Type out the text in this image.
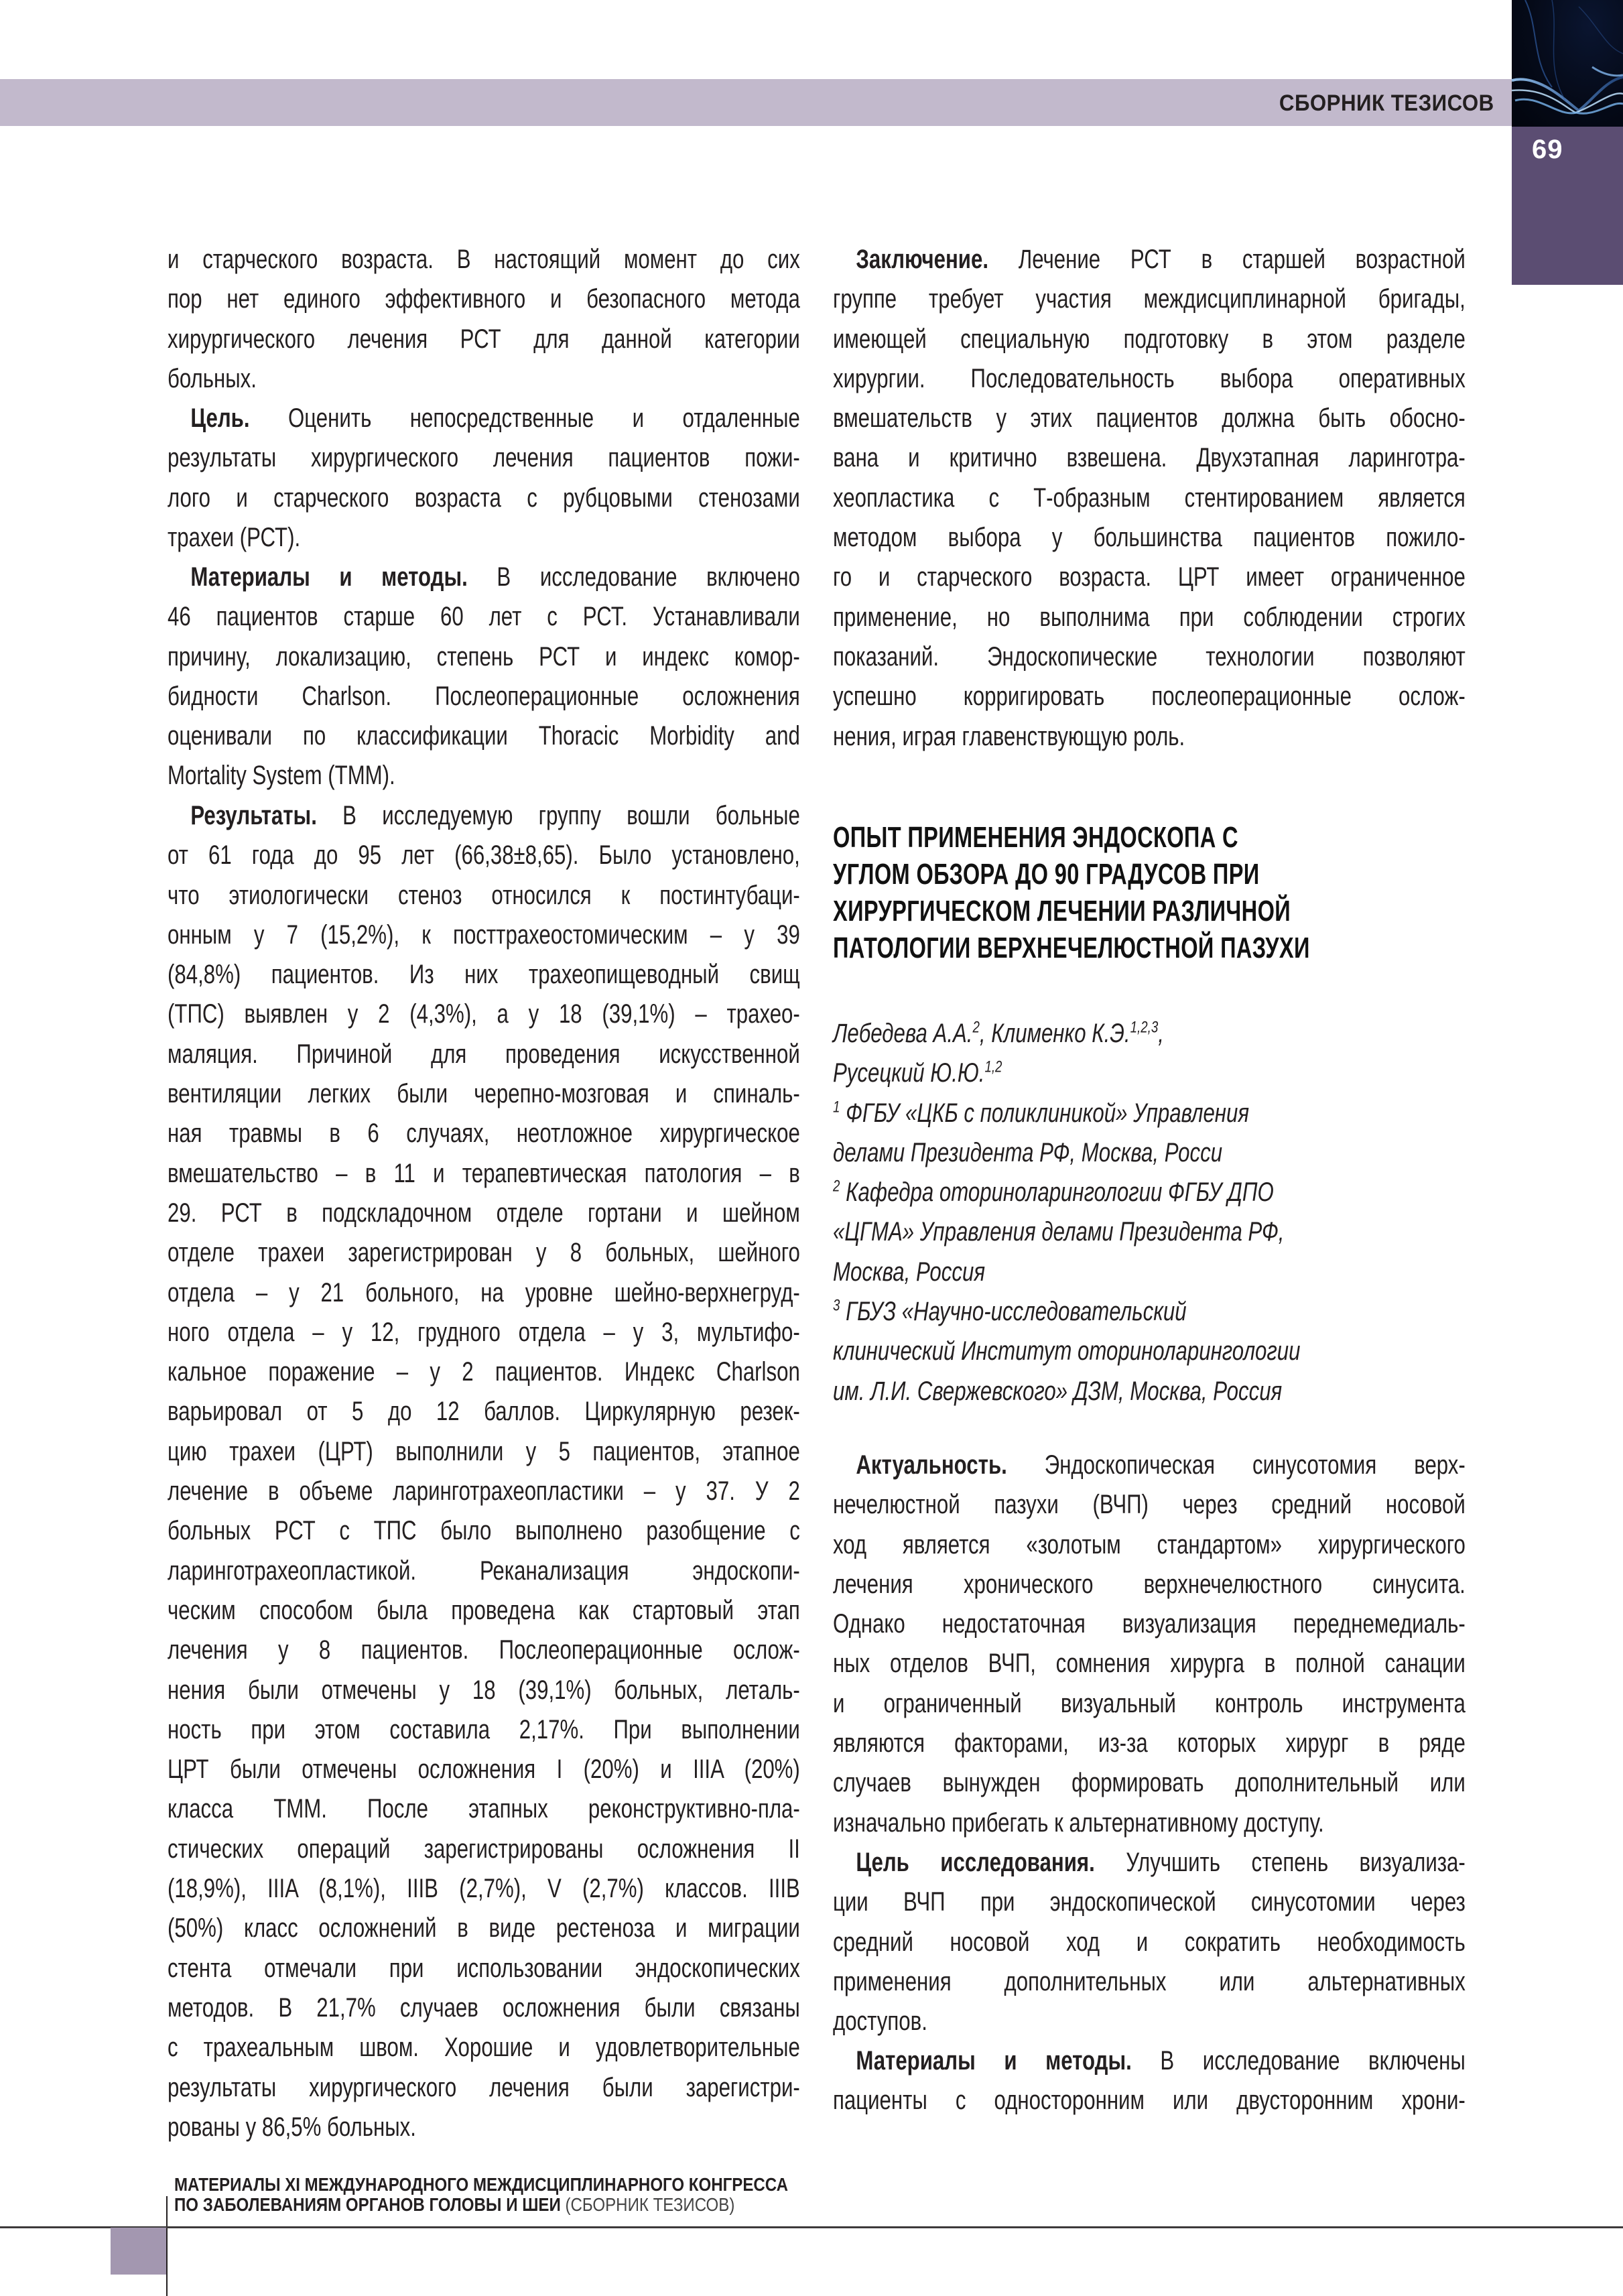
СБОРНИК ТЕЗИСОВ
69
и старческого возраста. В настоящий момент до сих
пор нет единого эффективного и безопасного метода
хирургического лечения РСТ для данной категории
больных.
Цель. Оценить непосредственные и отдаленные
результаты хирургического лечения пациентов пожи-
лого и старческого возраста с рубцовыми стенозами
трахеи (РСТ).
Материалы и методы. В исследование включено
46 пациентов старше 60 лет с РСТ. Устанавливали
причину, локализацию, степень РСТ и индекс комор-
бидности Charlson. Послеоперационные осложнения
оценивали по классификации Thoracic Morbidity and
Mortality System (TMM).
Результаты. В исследуемую группу вошли больные
от 61 года до 95 лет (66,38±8,65). Было установлено,
что этиологически стеноз относился к постинтубаци-
онным у 7 (15,2%), к посттрахеостомическим – у 39
(84,8%) пациентов. Из них трахеопищеводный свищ
(ТПС) выявлен у 2 (4,3%), а у 18 (39,1%) – трахео-
маляция. Причиной для проведения искусственной
вентиляции легких были черепно-мозговая и спиналь-
ная травмы в 6 случаях, неотложное хирургическое
вмешательство – в 11 и терапевтическая патология – в
29. РСТ в подскладочном отделе гортани и шейном
отделе трахеи зарегистрирован у 8 больных, шейного
отдела – у 21 больного, на уровне шейно-верхнегруд-
ного отдела – у 12, грудного отдела – у 3, мультифо-
кальное поражение – у 2 пациентов. Индекс Charlson
варьировал от 5 до 12 баллов. Циркулярную резек-
цию трахеи (ЦРТ) выполнили у 5 пациентов, этапное
лечение в объеме ларинготрахеопластики – у 37. У 2
больных РСТ с ТПС было выполнено разобщение с
ларинготрахеопластикой. Реканализация эндоскопи-
ческим способом была проведена как стартовый этап
лечения у 8 пациентов. Послеоперационные ослож-
нения были отмечены у 18 (39,1%) больных, леталь-
ность при этом составила 2,17%. При выполнении
ЦРТ были отмечены осложнения I (20%) и IIIA (20%)
класса ТММ. После этапных реконструктивно-пла-
стических операций зарегистрированы осложнения II
(18,9%), IIIA (8,1%), IIIB (2,7%), V (2,7%) классов. IIIB
(50%) класс осложнений в виде рестеноза и миграции
стента отмечали при использовании эндоскопических
методов. В 21,7% случаев осложнения были связаны
с трахеальным швом. Хорошие и удовлетворительные
результаты хирургического лечения были зарегистри-
рованы у 86,5% больных.
Заключение. Лечение РСТ в старшей возрастной
группе требует участия междисциплинарной бригады,
имеющей специальную подготовку в этом разделе
хирургии. Последовательность выбора оперативных
вмешательств у этих пациентов должна быть обосно-
вана и критично взвешена. Двухэтапная ларинготра-
хеопластика с Т-образным стентированием является
методом выбора у большинства пациентов пожило-
го и старческого возраста. ЦРТ имеет ограниченное
применение, но выполнима при соблюдении строгих
показаний. Эндоскопические технологии позволяют
успешно корригировать послеоперационные ослож-
нения, играя главенствующую роль.
ОПЫТ ПРИМЕНЕНИЯ ЭНДОСКОПА С
УГЛОМ ОБЗОРА ДО 90 ГРАДУСОВ ПРИ
ХИРУРГИЧЕСКОМ ЛЕЧЕНИИ РАЗЛИЧНОЙ
ПАТОЛОГИИ ВЕРХНЕЧЕЛЮСТНОЙ ПАЗУХИ
Лебедева А.А.$^2$, Клименко К.Э.$^{1,2,3}$,
Русецкий Ю.Ю.$^{1,2}$
$^1$ ФГБУ «ЦКБ с поликлиникой» Управления
делами Президента РФ, Москва, Росси
$^2$ Кафедра оториноларингологии ФГБУ ДПО
«ЦГМА» Управления делами Президента РФ,
Москва, Россия
$^3$ ГБУЗ «Научно-исследовательский
клинический Институт оториноларингологии
им. Л.И. Свержевского» ДЗМ, Москва, Россия
Актуальность. Эндоскопическая синусотомия верх-
нечелюстной пазухи (ВЧП) через средний носовой
ход является «золотым стандартом» хирургического
лечения хронического верхнечелюстного синусита.
Однако недостаточная визуализация переднемедиаль-
ных отделов ВЧП, сомнения хирурга в полной санации
и ограниченный визуальный контроль инструмента
являются факторами, из-за которых хирург в ряде
случаев вынужден формировать дополнительный или
изначально прибегать к альтернативному доступу.
Цель исследования. Улучшить степень визуализа-
ции ВЧП при эндоскопической синусотомии через
средний носовой ход и сократить необходимость
применения дополнительных или альтернативных
доступов.
Материалы и методы. В исследование включены
пациенты с односторонним или двусторонним хрони-
МАТЕРИАЛЫ XI МЕЖДУНАРОДНОГО МЕЖДИСЦИПЛИНАРНОГО КОНГРЕССА
ПО ЗАБОЛЕВАНИЯМ ОРГАНОВ ГОЛОВЫ И ШЕИ (СБОРНИК ТЕЗИСОВ)
